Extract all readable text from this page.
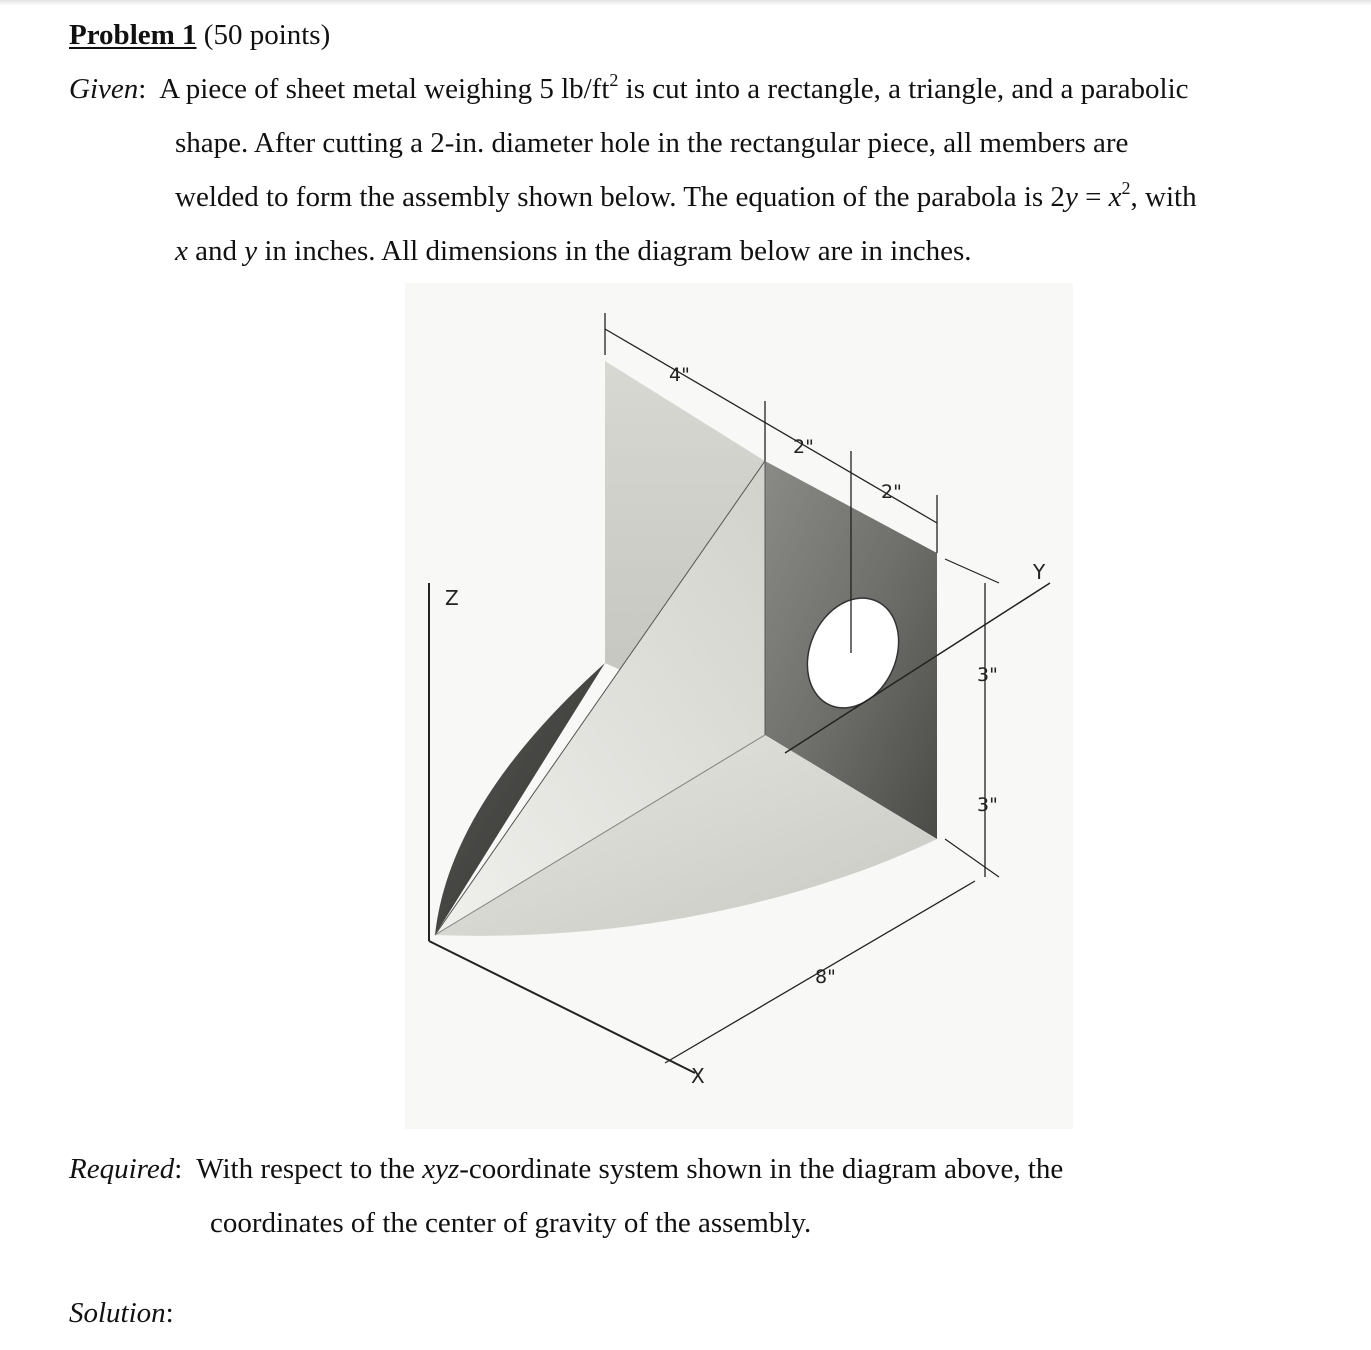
Problem 1 (50 points)
Given:  A piece of sheet metal weighing 5 $lb/ft^2$ is cut into a rectangle, a triangle, and a parabolic
shape. After cutting a 2-in. diameter hole in the rectangular piece, all members are
welded to form the assembly shown below. The equation of the parabola is $2y = x^2$, with
x and y in inches. All dimensions in the diagram below are in inches.
Z
Y
X
4"
2"
2"
3"
3"
8"
Required:  With respect to the xyz-coordinate system shown in the diagram above, the
coordinates of the center of gravity of the assembly.
Solution:
